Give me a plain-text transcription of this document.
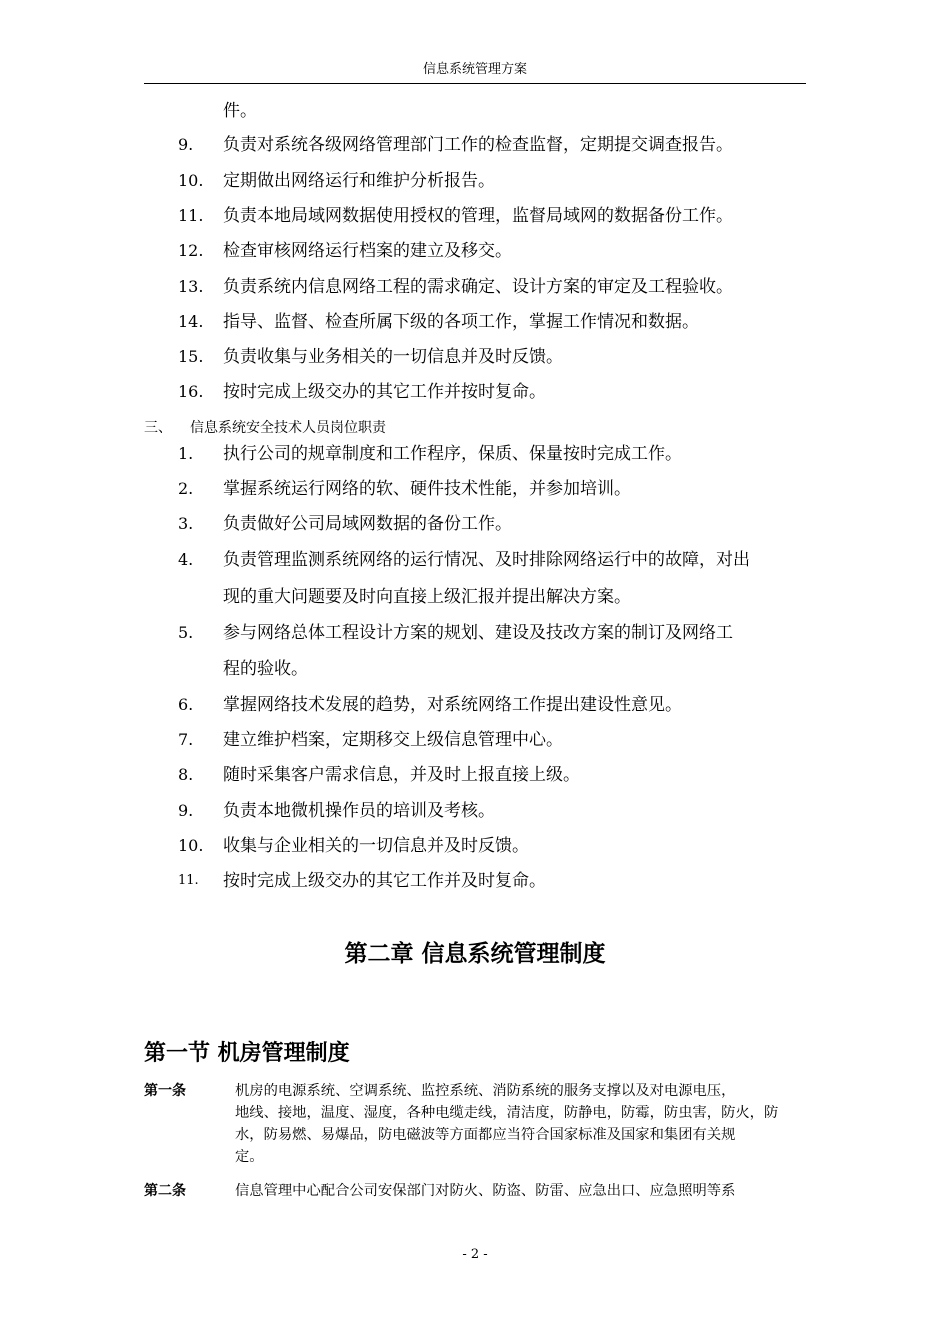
信息系统管理方案
件。
9. 负责对系统各级网络管理部门工作的检查监督，定期提交调查报告。
10. 定期做出网络运行和维护分析报告。
11. 负责本地局域网数据使用授权的管理，监督局域网的数据备份工作。
12. 检查审核网络运行档案的建立及移交。
13. 负责系统内信息网络工程的需求确定、设计方案的审定及工程验收。
14. 指导、监督、检查所属下级的各项工作，掌握工作情况和数据。
15. 负责收集与业务相关的一切信息并及时反馈。
16. 按时完成上级交办的其它工作并按时复命。
三、 信息系统安全技术人员岗位职责
1. 执行公司的规章制度和工作程序，保质、保量按时完成工作。
2. 掌握系统运行网络的软、硬件技术性能，并参加培训。
3. 负责做好公司局域网数据的备份工作。
4. 负责管理监测系统网络的运行情况、及时排除网络运行中的故障，对出
现的重大问题要及时向直接上级汇报并提出解决方案。
5. 参与网络总体工程设计方案的规划、建设及技改方案的制订及网络工
程的验收。
6. 掌握网络技术发展的趋势，对系统网络工作提出建设性意见。
7. 建立维护档案，定期移交上级信息管理中心。
8. 随时采集客户需求信息，并及时上报直接上级。
9. 负责本地微机操作员的培训及考核。
10. 收集与企业相关的一切信息并及时反馈。
11. 按时完成上级交办的其它工作并及时复命。
第二章 信息系统管理制度
第一节 机房管理制度
第一条	机房的电源系统、空调系统、监控系统、消防系统的服务支撑以及对电源电压，
地线、接地，温度、湿度，各种电缆走线，清洁度，防静电，防霉，防虫害，防火，防
水，防易燃、易爆品，防电磁波等方面都应当符合国家标准及国家和集团有关规
定。
第二条	信息管理中心配合公司安保部门对防火、防盗、防雷、应急出口、应急照明等系
- 2 -
